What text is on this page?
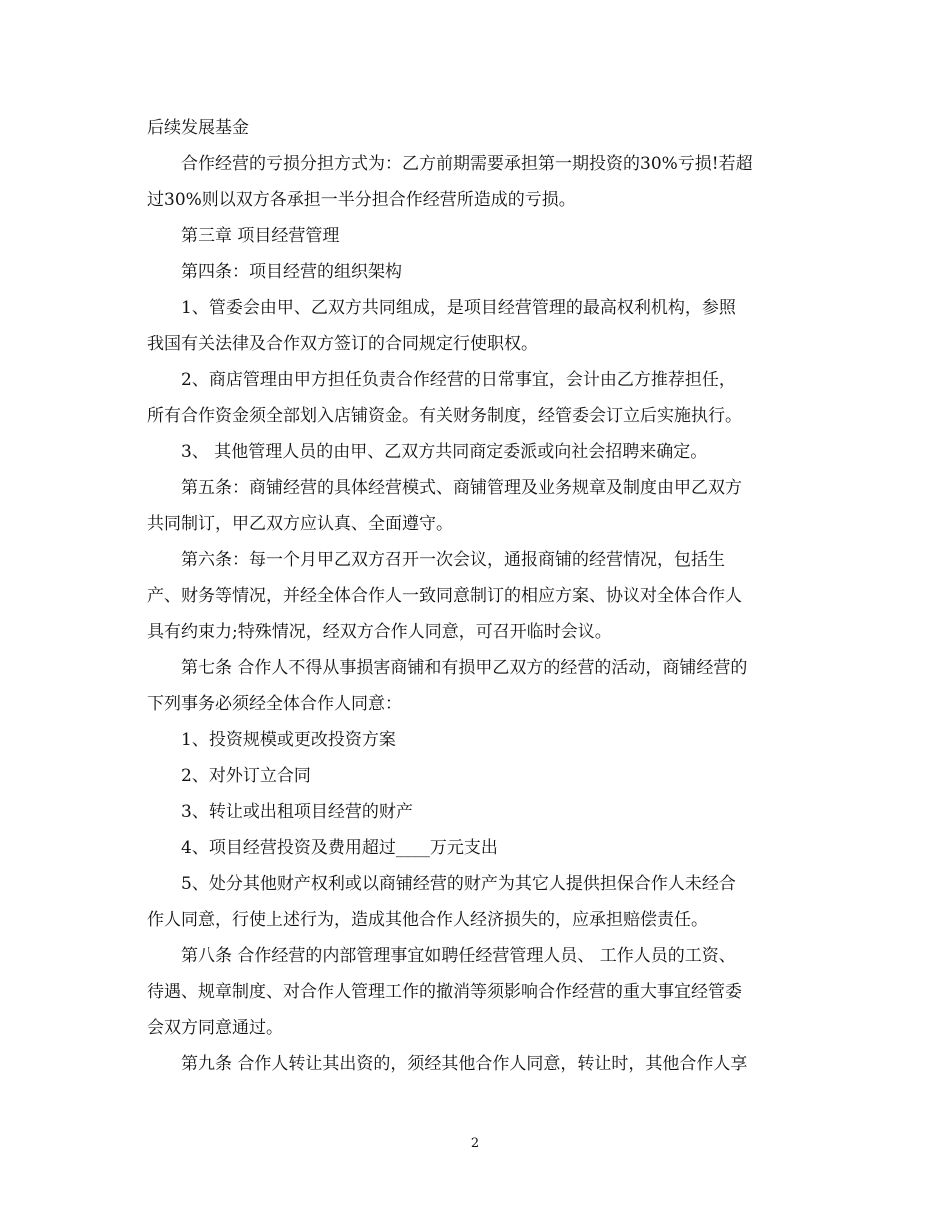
后续发展基金
合作经营的亏损分担方式为：乙方前期需要承担第一期投资的30%亏损!若超
过30%则以双方各承担一半分担合作经营所造成的亏损。
第三章 项目经营管理
第四条：项目经营的组织架构
1、管委会由甲、乙双方共同组成，是项目经营管理的最高权利机构，参照
我国有关法律及合作双方签订的合同规定行使职权。
2、商店管理由甲方担任负责合作经营的日常事宜，会计由乙方推荐担任，
所有合作资金须全部划入店铺资金。有关财务制度，经管委会订立后实施执行。
3、 其他管理人员的由甲、乙双方共同商定委派或向社会招聘来确定。
第五条：商铺经营的具体经营模式、商铺管理及业务规章及制度由甲乙双方
共同制订，甲乙双方应认真、全面遵守。
第六条：每一个月甲乙双方召开一次会议，通报商铺的经营情况，包括生
产、财务等情况，并经全体合作人一致同意制订的相应方案、协议对全体合作人
具有约束力;特殊情况，经双方合作人同意，可召开临时会议。
第七条 合作人不得从事损害商铺和有损甲乙双方的经营的活动，商铺经营的
下列事务必须经全体合作人同意：
1、投资规模或更改投资方案
2、对外订立合同
3、转让或出租项目经营的财产
4、项目经营投资及费用超过____万元支出
5、处分其他财产权利或以商铺经营的财产为其它人提供担保合作人未经合
作人同意，行使上述行为，造成其他合作人经济损失的，应承担赔偿责任。
第八条 合作经营的内部管理事宜如聘任经营管理人员、 工作人员的工资、
待遇、规章制度、对合作人管理工作的撤消等须影响合作经营的重大事宜经管委
会双方同意通过。
第九条 合作人转让其出资的，须经其他合作人同意，转让时，其他合作人享
2
